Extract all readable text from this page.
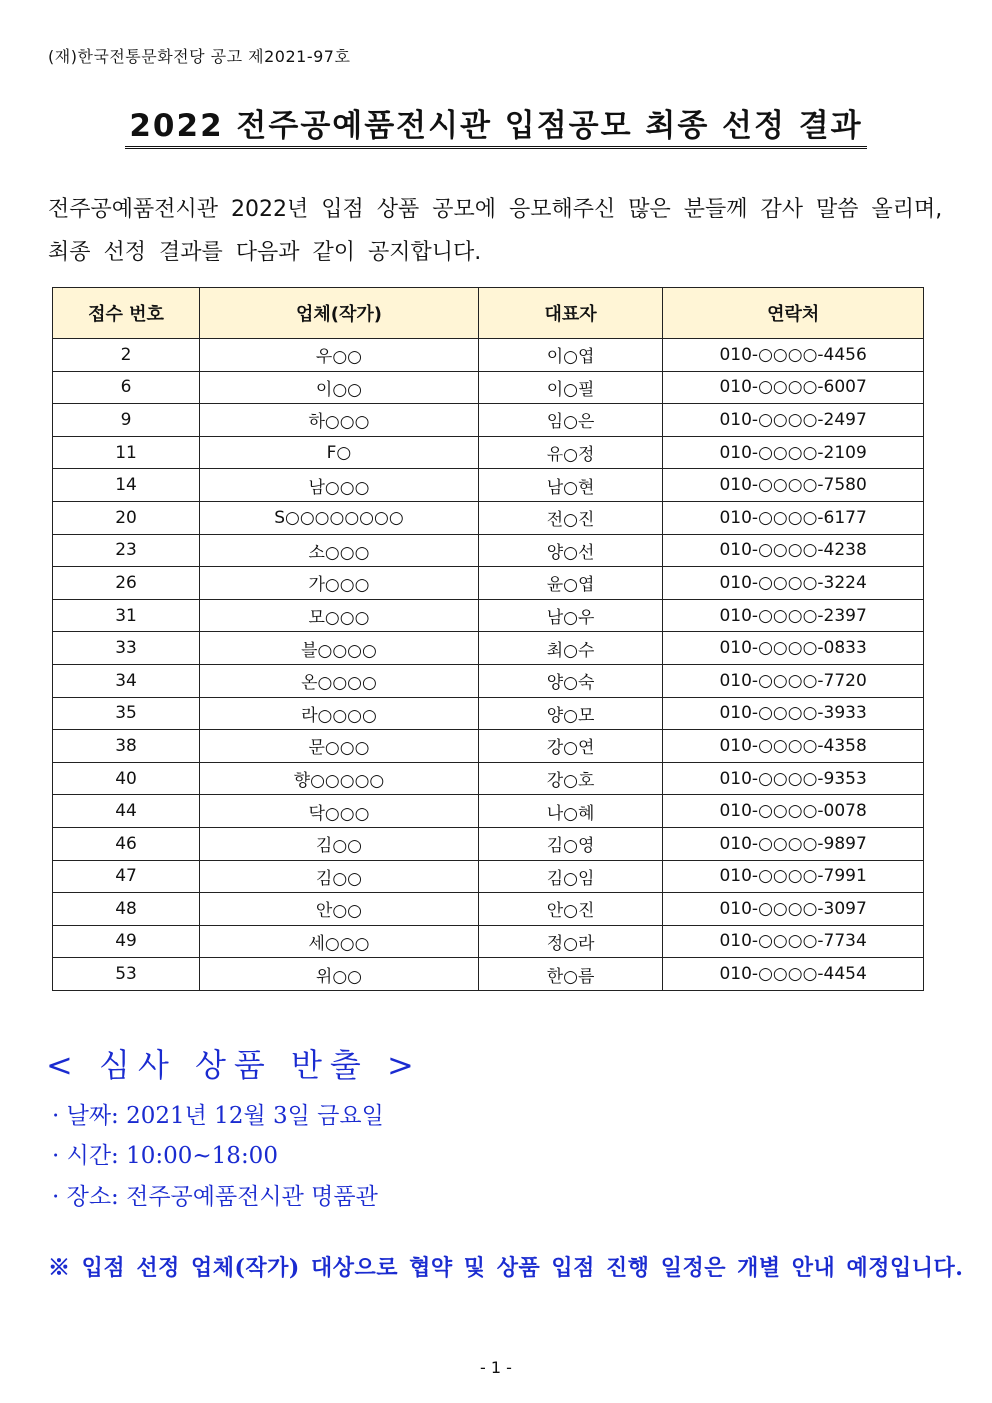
(재)한국전통문화전당 공고 제2021-97호
2022 전주공예품전시관 입점공모 최종 선정 결과
전주공예품전시관 2022년 입점 상품 공모에 응모해주신 많은 분들께 감사 말씀 올리며,
최종 선정 결과를 다음과 같이 공지합니다.
접수 번호	업체(작가)	대표자	연락처
2	우○○	이○엽	010-○○○○-4456
6	이○○	이○필	010-○○○○-6007
9	하○○○	임○은	010-○○○○-2497
11	F○	유○정	010-○○○○-2109
14	남○○○	남○현	010-○○○○-7580
20	S○○○○○○○○	전○진	010-○○○○-6177
23	소○○○	양○선	010-○○○○-4238
26	가○○○	윤○엽	010-○○○○-3224
31	모○○○	남○우	010-○○○○-2397
33	블○○○○	최○수	010-○○○○-0833
34	온○○○○	양○숙	010-○○○○-7720
35	라○○○○	양○모	010-○○○○-3933
38	문○○○	강○연	010-○○○○-4358
40	향○○○○○	강○호	010-○○○○-9353
44	닥○○○	나○혜	010-○○○○-0078
46	김○○	김○영	010-○○○○-9897
47	김○○	김○임	010-○○○○-7991
48	안○○	안○진	010-○○○○-3097
49	세○○○	정○라	010-○○○○-7734
53	위○○	한○름	010-○○○○-4454
< 심사 상품 반출 >
· 날짜: 2021년 12월 3일 금요일
· 시간: 10:00~18:00
· 장소: 전주공예품전시관 명품관
※ 입점 선정 업체(작가) 대상으로 협약 및 상품 입점 진행 일정은 개별 안내 예정입니다.
- 1 -
